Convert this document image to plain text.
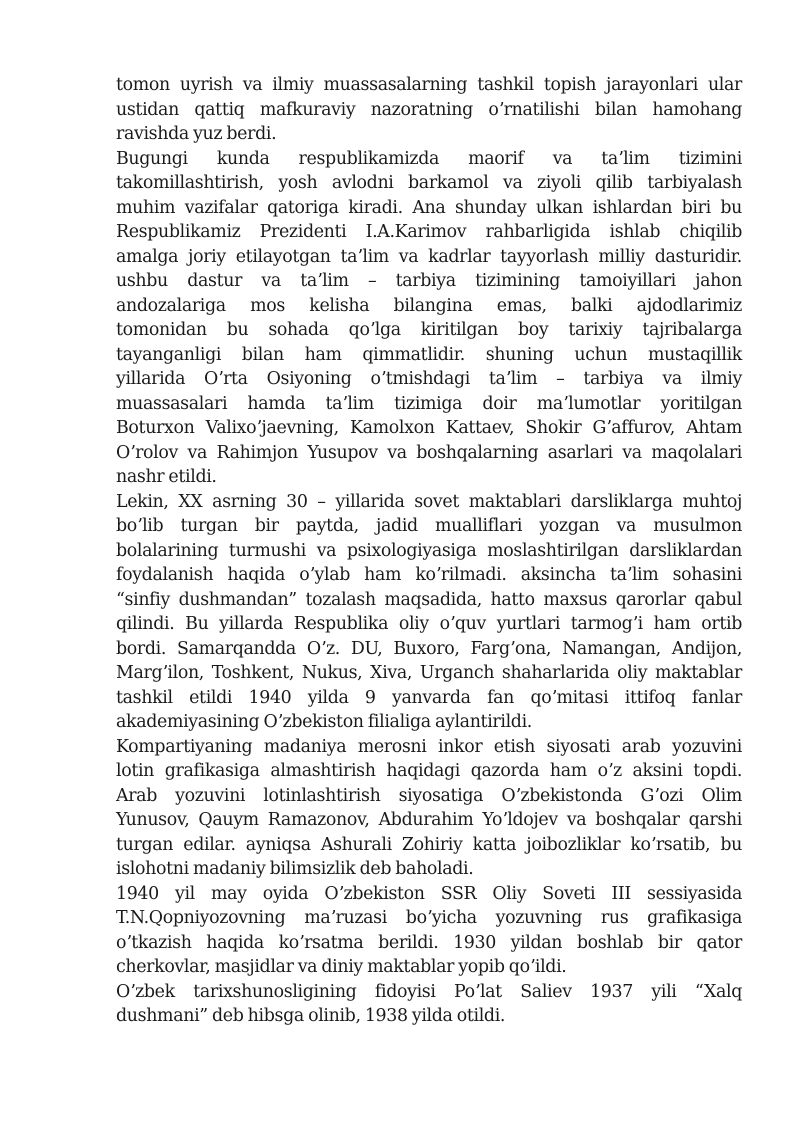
tomon uyrish va ilmiy muassasalarning tashkil topish jarayonlari ular
ustidan qattiq mafkuraviy nazoratning oʼrnatilishi bilan hamohang
ravishda yuz berdi.
Bugungi kunda respublikamizda maorif va taʼlim tizimini
takomillashtirish, yosh avlodni barkamol va ziyoli qilib tarbiyalash
muhim vazifalar qatoriga kiradi. Ana shunday ulkan ishlardan biri bu
Respublikamiz Prezidenti I.A.Karimov rahbarligida ishlab chiqilib
amalga joriy etilayotgan taʼlim va kadrlar tayyorlash milliy dasturidir.
ushbu dastur va taʼlim – tarbiya tizimining tamoiyillari jahon
andozalariga mos kelisha bilangina emas, balki ajdodlarimiz
tomonidan bu sohada qoʼlga kiritilgan boy tarixiy tajribalarga
tayanganligi bilan ham qimmatlidir. shuning uchun mustaqillik
yillarida Oʼrta Osiyoning oʼtmishdagi taʼlim – tarbiya va ilmiy
muassasalari hamda taʼlim tizimiga doir maʼlumotlar yoritilgan
Boturxon Valixoʼjaevning, Kamolxon Kattaev, Shokir Gʼaffurov, Ahtam
Oʼrolov va Rahimjon Yusupov va boshqalarning asarlari va maqolalari
nashr etildi.
Lekin, XX asrning 30 – yillarida sovet maktablari darsliklarga muhtoj
boʼlib turgan bir paytda, jadid mualliflari yozgan va musulmon
bolalarining turmushi va psixologiyasiga moslashtirilgan darsliklardan
foydalanish haqida oʼylab ham koʼrilmadi. aksincha taʼlim sohasini
“sinfiy dushmandan” tozalash maqsadida, hatto maxsus qarorlar qabul
qilindi. Bu yillarda Respublika oliy oʼquv yurtlari tarmogʼi ham ortib
bordi. Samarqandda Oʼz. DU, Buxoro, Fargʼona, Namangan, Andijon,
Margʼilon, Toshkent, Nukus, Xiva, Urganch shaharlarida oliy maktablar
tashkil etildi 1940 yilda 9 yanvarda fan qoʼmitasi ittifoq fanlar
akademiyasining Oʼzbekiston filialiga aylantirildi.
Kompartiyaning madaniya merosni inkor etish siyosati arab yozuvini
lotin grafikasiga almashtirish haqidagi qazorda ham oʼz aksini topdi.
Arab yozuvini lotinlashtirish siyosatiga Oʼzbekistonda Gʼozi Olim
Yunusov, Qauym Ramazonov, Abdurahim Yoʼldojev va boshqalar qarshi
turgan edilar. ayniqsa Ashurali Zohiriy katta joibozliklar koʼrsatib, bu
islohotni madaniy bilimsizlik deb baholadi.
1940 yil may oyida Oʼzbekiston SSR Oliy Soveti III sessiyasida
T.N.Qopniyozovning maʼruzasi boʼyicha yozuvning rus grafikasiga
oʼtkazish haqida koʼrsatma berildi. 1930 yildan boshlab bir qator
cherkovlar, masjidlar va diniy maktablar yopib qoʼildi.
Oʼzbek tarixshunosligining fidoyisi Poʼlat Saliev 1937 yili “Xalq
dushmani” deb hibsga olinib, 1938 yilda otildi.
